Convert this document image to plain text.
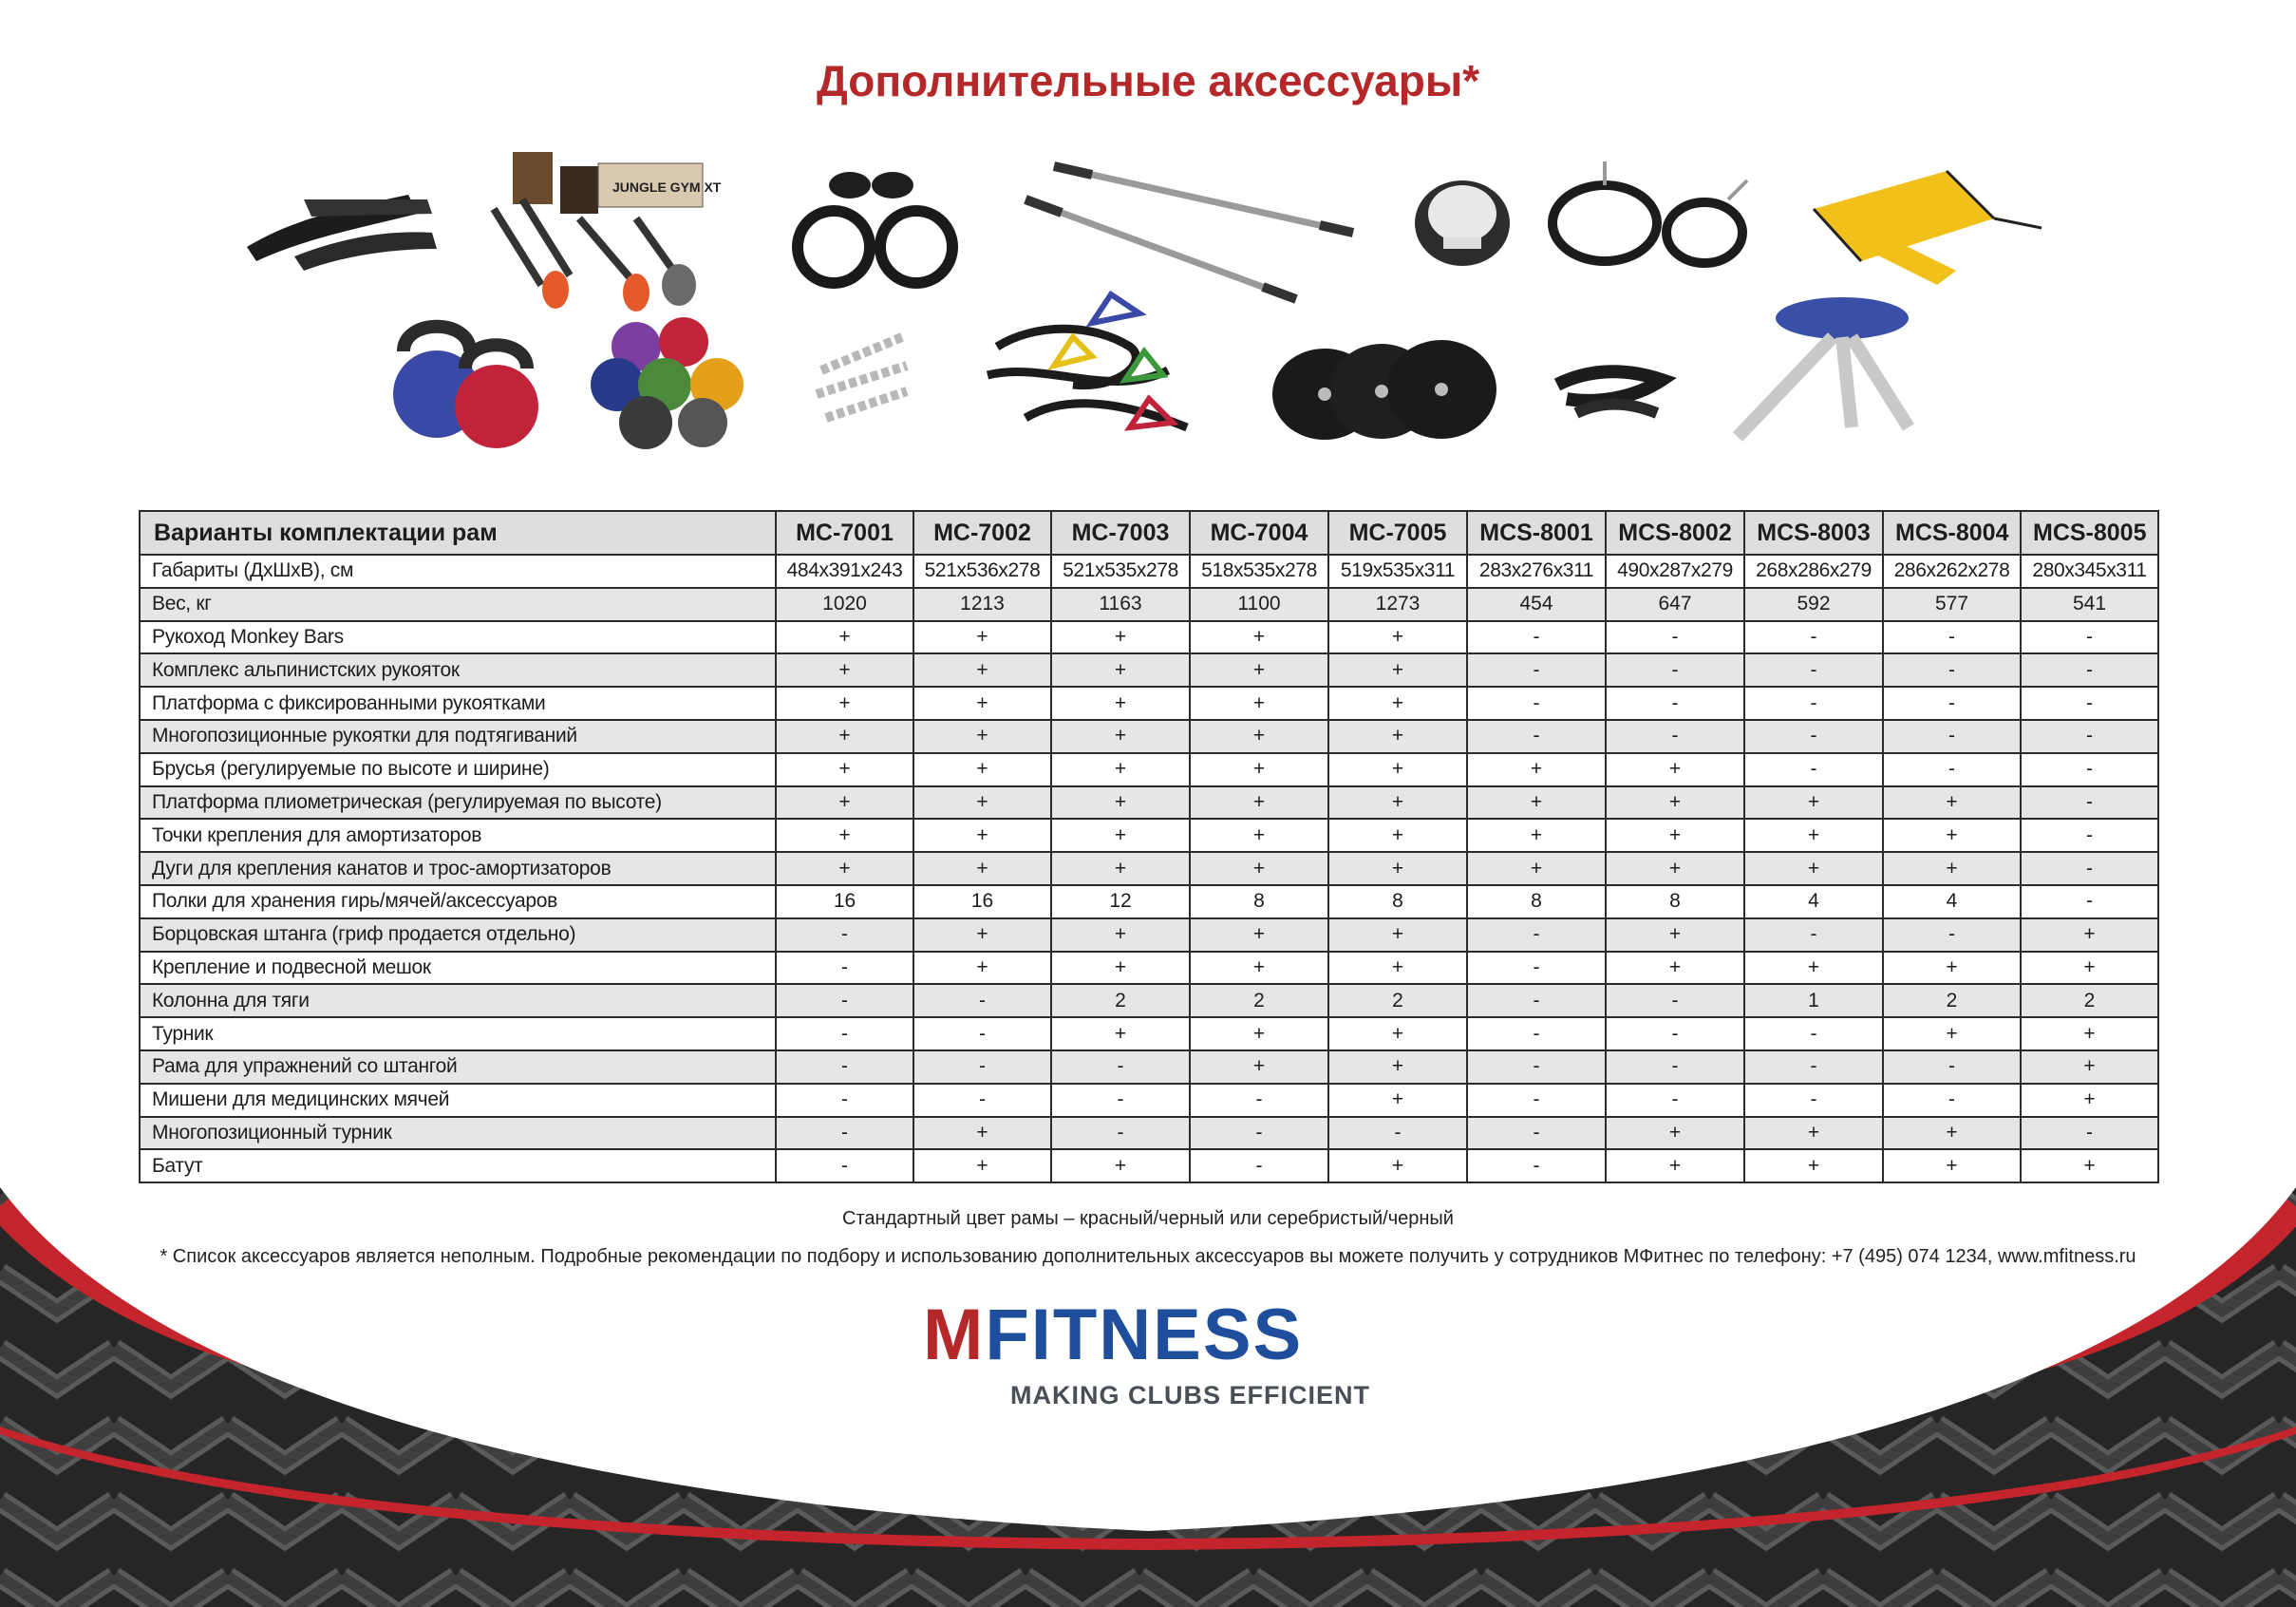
Дополнительные аксессуары*
JUNGLE GYM XT
Варианты комплектации рам	MC-7001	MC-7002	MC-7003	MC-7004	MC-7005	MCS-8001	MCS-8002	MCS-8003	MCS-8004	MCS-8005
Габариты (ДхШхВ), см	484x391x243	521x536x278	521x535x278	518x535x278	519x535x311	283x276x311	490x287x279	268x286x279	286x262x278	280x345x311
Вес, кг	1020	1213	1163	1100	1273	454	647	592	577	541
Рукоход Monkey Bars	+	+	+	+	+	-	-	-	-	-
Комплекс альпинистских рукояток	+	+	+	+	+	-	-	-	-	-
Платформа с фиксированными рукоятками	+	+	+	+	+	-	-	-	-	-
Многопозиционные рукоятки для подтягиваний	+	+	+	+	+	-	-	-	-	-
Брусья (регулируемые по высоте и ширине)	+	+	+	+	+	+	+	-	-	-
Платформа плиометрическая (регулируемая по высоте)	+	+	+	+	+	+	+	+	+	-
Точки крепления для амортизаторов	+	+	+	+	+	+	+	+	+	-
Дуги для крепления канатов и трос-амортизаторов	+	+	+	+	+	+	+	+	+	-
Полки для хранения гирь/мячей/аксессуаров	16	16	12	8	8	8	8	4	4	-
Борцовская штанга (гриф продается отдельно)	-	+	+	+	+	-	+	-	-	+
Крепление и подвесной мешок	-	+	+	+	+	-	+	+	+	+
Колонна для тяги	-	-	2	2	2	-	-	1	2	2
Турник	-	-	+	+	+	-	-	-	+	+
Рама для упражнений со штангой	-	-	-	+	+	-	-	-	-	+
Мишени для медицинских мячей	-	-	-	-	+	-	-	-	-	+
Многопозиционный турник	-	+	-	-	-	-	+	+	+	-
Батут	-	+	+	-	+	-	+	+	+	+
Стандартный цвет рамы – красный/черный или серебристый/черный
* Список аксессуаров является неполным. Подробные рекомендации по подбору и использованию дополнительных аксессуаров вы можете получить у сотрудников МФитнес по телефону: +7 (495) 074 1234, www.mfitness.ru
MFITNESS
MAKING CLUBS EFFICIENT
